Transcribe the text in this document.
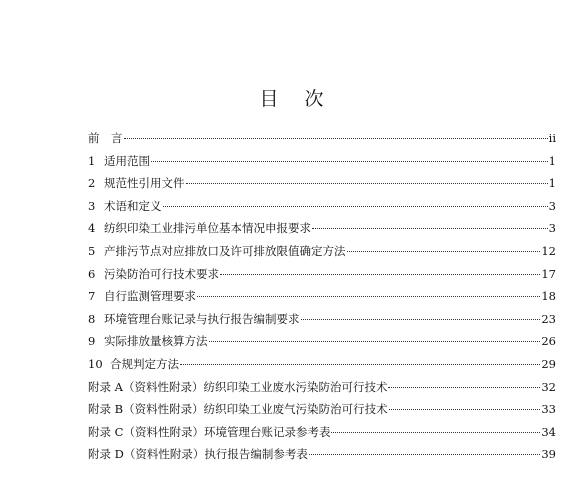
目 次
前　言	ii
1 适用范围	1
2 规范性引用文件	1
3 术语和定义	3
4 纺织印染工业排污单位基本情况申报要求	3
5 产排污节点对应排放口及许可排放限值确定方法	12
6 污染防治可行技术要求	17
7 自行监测管理要求	18
8 环境管理台账记录与执行报告编制要求	23
9 实际排放量核算方法	26
10 合规判定方法	29
附录 A（资料性附录）纺织印染工业废水污染防治可行技术	32
附录 B（资料性附录）纺织印染工业废气污染防治可行技术	33
附录 C（资料性附录）环境管理台账记录参考表	34
附录 D（资料性附录）执行报告编制参考表	39
